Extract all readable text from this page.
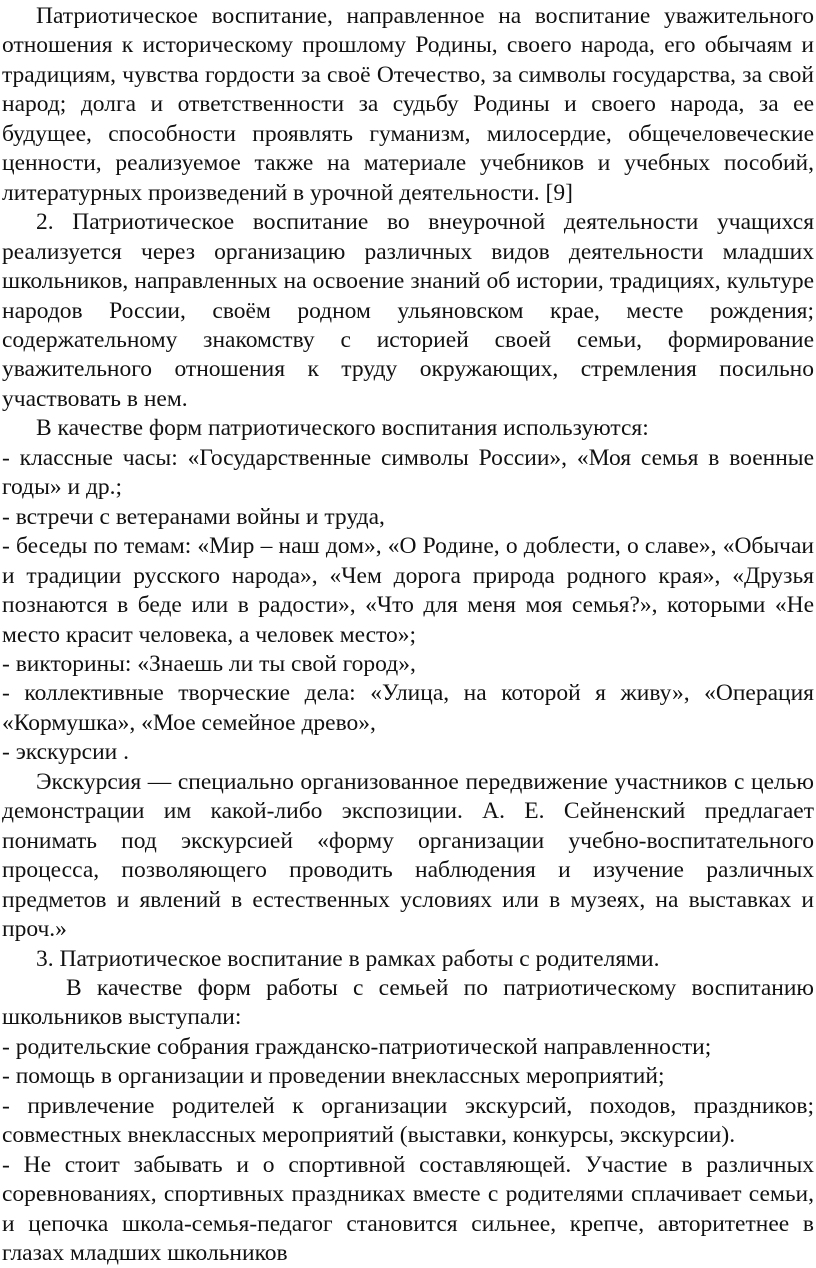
Патриотическое воспитание, направленное на воспитание уважительного отношения к историческому прошлому Родины, своего народа, его обычаям и традициям, чувства гордости за своё Отечество, за символы государства, за свой народ; долга и ответственности за судьбу Родины и своего народа, за ее будущее, способности проявлять гуманизм, милосердие, общечеловеческие ценности, реализуемое также на материале учебников и учебных пособий, литературных произведений в урочной деятельности. [9]

2. Патриотическое воспитание во внеурочной деятельности учащихся реализуется через организацию различных видов деятельности младших школьников, направленных на освоение знаний об истории, традициях, культуре народов России, своём родном ульяновском крае, месте рождения; содержательному знакомству с историей своей семьи, формирование уважительного отношения к труду окружающих, стремления посильно участвовать в нем.

В качестве форм патриотического воспитания используются:

- классные часы: «Государственные символы России», «Моя семья в военные годы» и др.;

- встречи с ветеранами войны и труда,

- беседы по темам: «Мир – наш дом», «О Родине, о доблести, о славе», «Обычаи и традиции русского народа», «Чем дорога природа родного края», «Друзья познаются в беде или в радости», «Что для меня моя семья?», которыми «Не место красит человека, а человек место»;

- викторины: «Знаешь ли ты свой город»,

- коллективные творческие дела: «Улица, на которой я живу», «Операция «Кормушка», «Мое семейное древо»,

- экскурсии .

Экскурсия — специально организованное передвижение участников с целью демонстрации им какой-либо экспозиции. А. Е. Сейненский предлагает понимать под экскурсией «форму организации учебно-воспитательного процесса, позволяющего проводить наблюдения и изучение различных предметов и явлений в естественных условиях или в музеях, на выставках и проч.»

3. Патриотическое воспитание в рамках работы с родителями.

В качестве форм работы с семьей по патриотическому воспитанию школьников выступали:

- родительские собрания гражданско-патриотической направленности;

- помощь в организации и проведении внеклассных мероприятий;

- привлечение родителей к организации экскурсий, походов, праздников; совместных внеклассных мероприятий (выставки, конкурсы, экскурсии).

- Не стоит забывать и о спортивной составляющей. Участие в различных соревнованиях, спортивных праздниках вместе с родителями сплачивает семьи, и цепочка школа-семья-педагог становится сильнее, крепче, авторитетнее в глазах младших школьников
